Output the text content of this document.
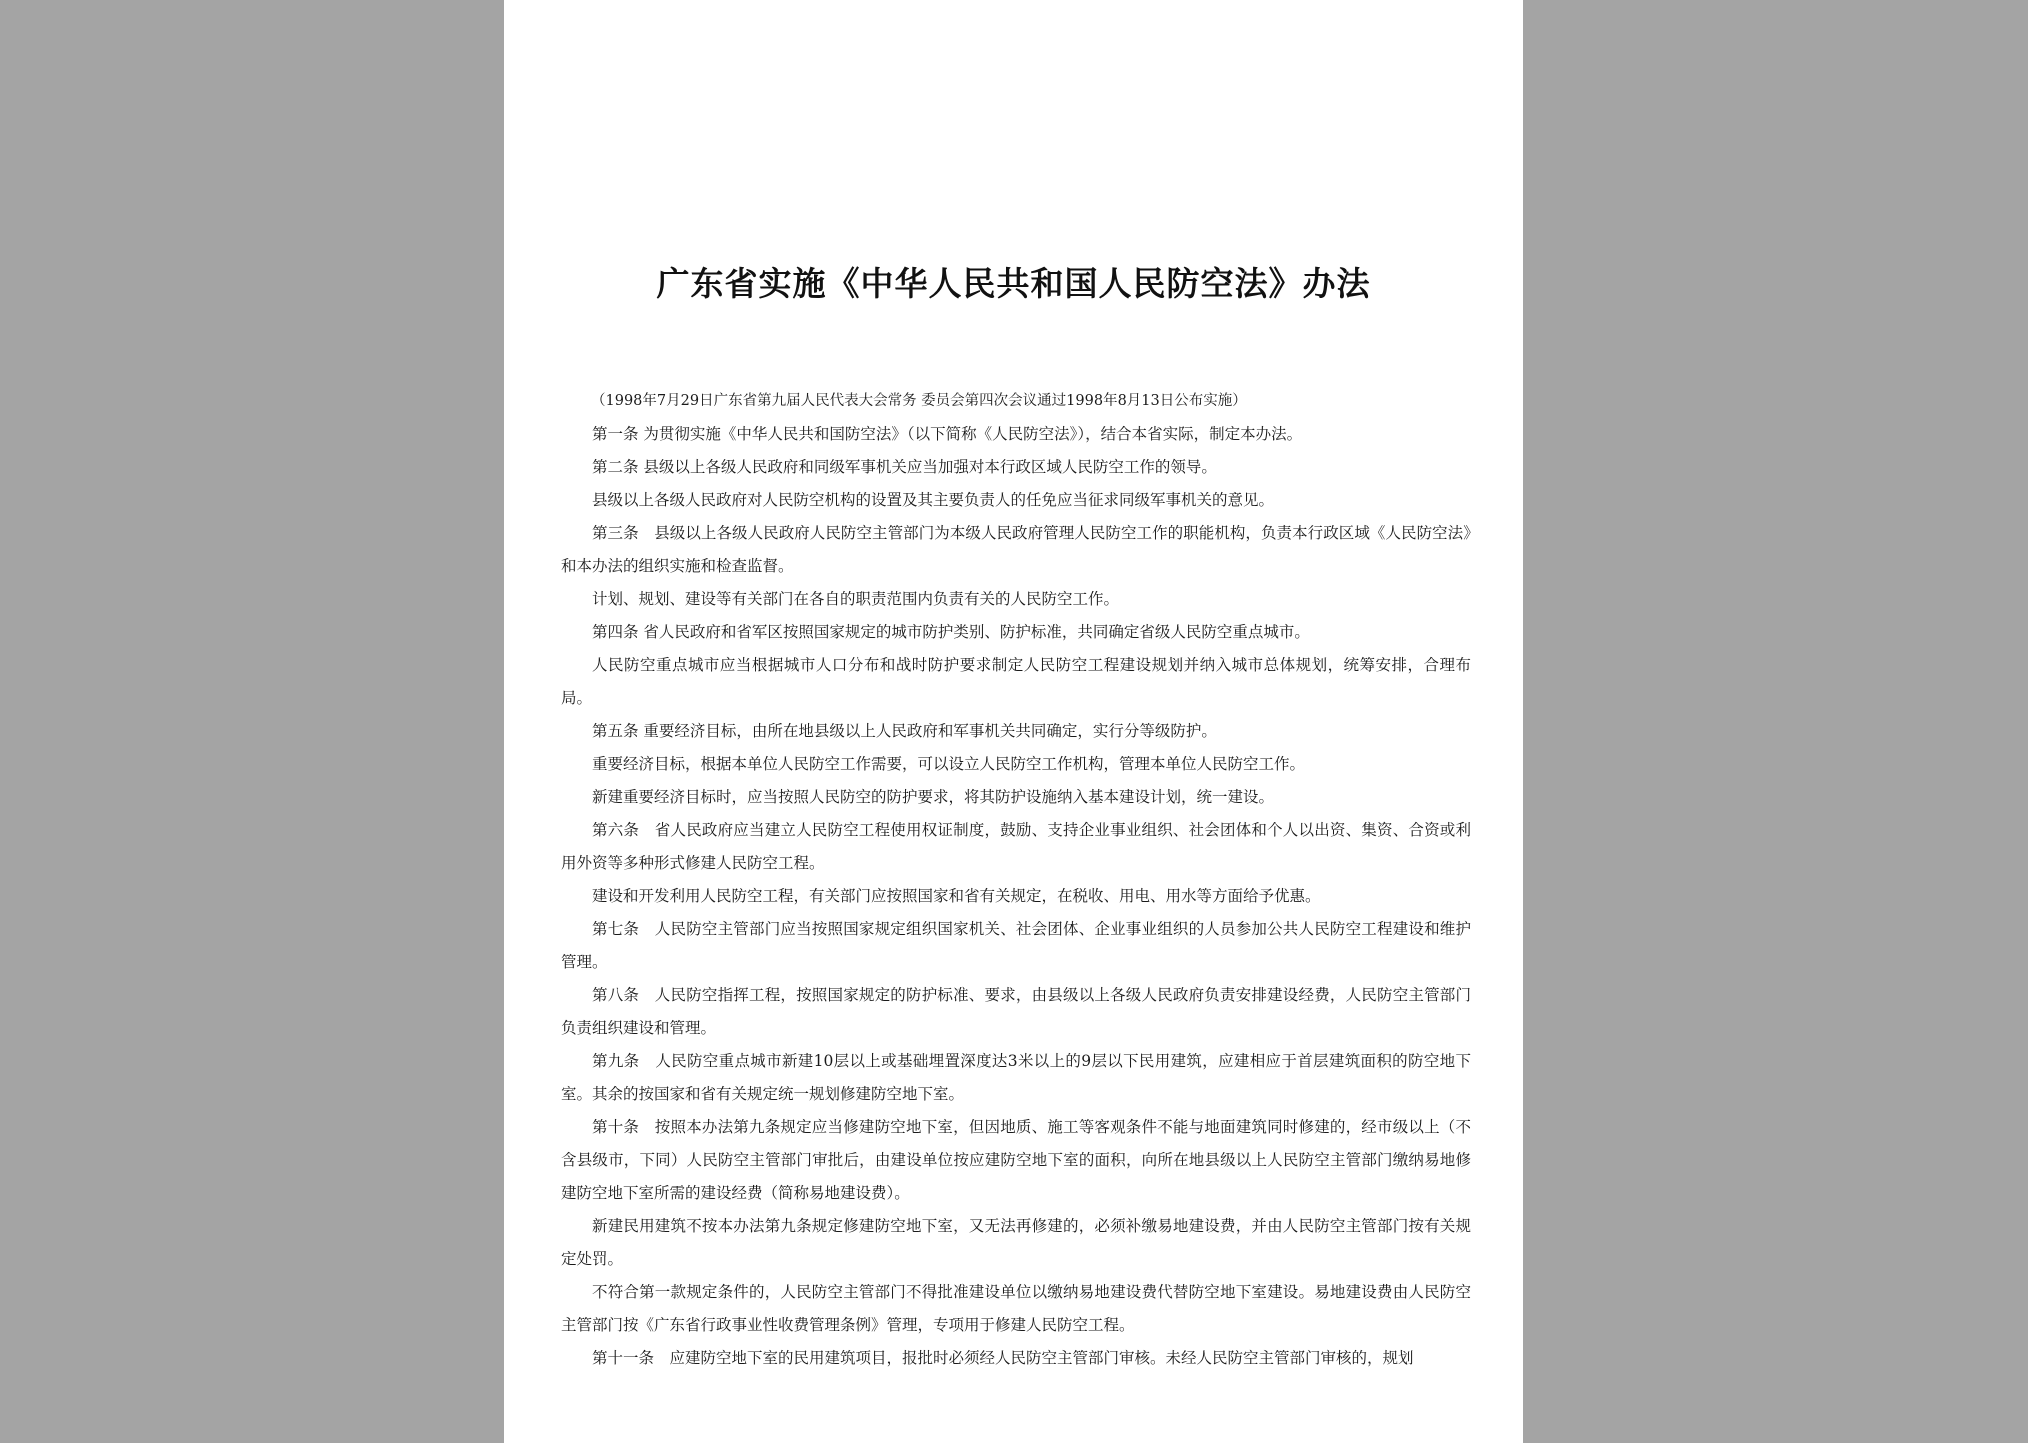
广东省实施《中华人民共和国人民防空法》办法

（1998年7月29日广东省第九届人民代表大会常务 委员会第四次会议通过1998年8月13日公布实施）

第一条 为贯彻实施《中华人民共和国防空法》（以下简称《人民防空法》），结合本省实际，制定本办法。

第二条 县级以上各级人民政府和同级军事机关应当加强对本行政区域人民防空工作的领导。

县级以上各级人民政府对人民防空机构的设置及其主要负责人的任免应当征求同级军事机关的意见。

第三条　县级以上各级人民政府人民防空主管部门为本级人民政府管理人民防空工作的职能机构，负责本行政区域《人民防空法》和本办法的组织实施和检查监督。

计划、规划、建设等有关部门在各自的职责范围内负责有关的人民防空工作。

第四条 省人民政府和省军区按照国家规定的城市防护类别、防护标准，共同确定省级人民防空重点城市。

人民防空重点城市应当根据城市人口分布和战时防护要求制定人民防空工程建设规划并纳入城市总体规划，统筹安排，合理布局。

第五条 重要经济目标，由所在地县级以上人民政府和军事机关共同确定，实行分等级防护。

重要经济目标，根据本单位人民防空工作需要，可以设立人民防空工作机构，管理本单位人民防空工作。

新建重要经济目标时，应当按照人民防空的防护要求，将其防护设施纳入基本建设计划，统一建设。

第六条　省人民政府应当建立人民防空工程使用权证制度，鼓励、支持企业事业组织、社会团体和个人以出资、集资、合资或利用外资等多种形式修建人民防空工程。

建设和开发利用人民防空工程，有关部门应按照国家和省有关规定，在税收、用电、用水等方面给予优惠。

第七条　人民防空主管部门应当按照国家规定组织国家机关、社会团体、企业事业组织的人员参加公共人民防空工程建设和维护管理。

第八条　人民防空指挥工程，按照国家规定的防护标准、要求，由县级以上各级人民政府负责安排建设经费，人民防空主管部门负责组织建设和管理。

第九条　人民防空重点城市新建10层以上或基础埋置深度达3米以上的9层以下民用建筑，应建相应于首层建筑面积的防空地下室。其余的按国家和省有关规定统一规划修建防空地下室。

第十条　按照本办法第九条规定应当修建防空地下室，但因地质、施工等客观条件不能与地面建筑同时修建的，经市级以上（不含县级市，下同）人民防空主管部门审批后，由建设单位按应建防空地下室的面积，向所在地县级以上人民防空主管部门缴纳易地修建防空地下室所需的建设经费（简称易地建设费）。

新建民用建筑不按本办法第九条规定修建防空地下室，又无法再修建的，必须补缴易地建设费，并由人民防空主管部门按有关规定处罚。

不符合第一款规定条件的，人民防空主管部门不得批准建设单位以缴纳易地建设费代替防空地下室建设。易地建设费由人民防空主管部门按《广东省行政事业性收费管理条例》管理，专项用于修建人民防空工程。

第十一条　应建防空地下室的民用建筑项目，报批时必须经人民防空主管部门审核。未经人民防空主管部门审核的，规划
